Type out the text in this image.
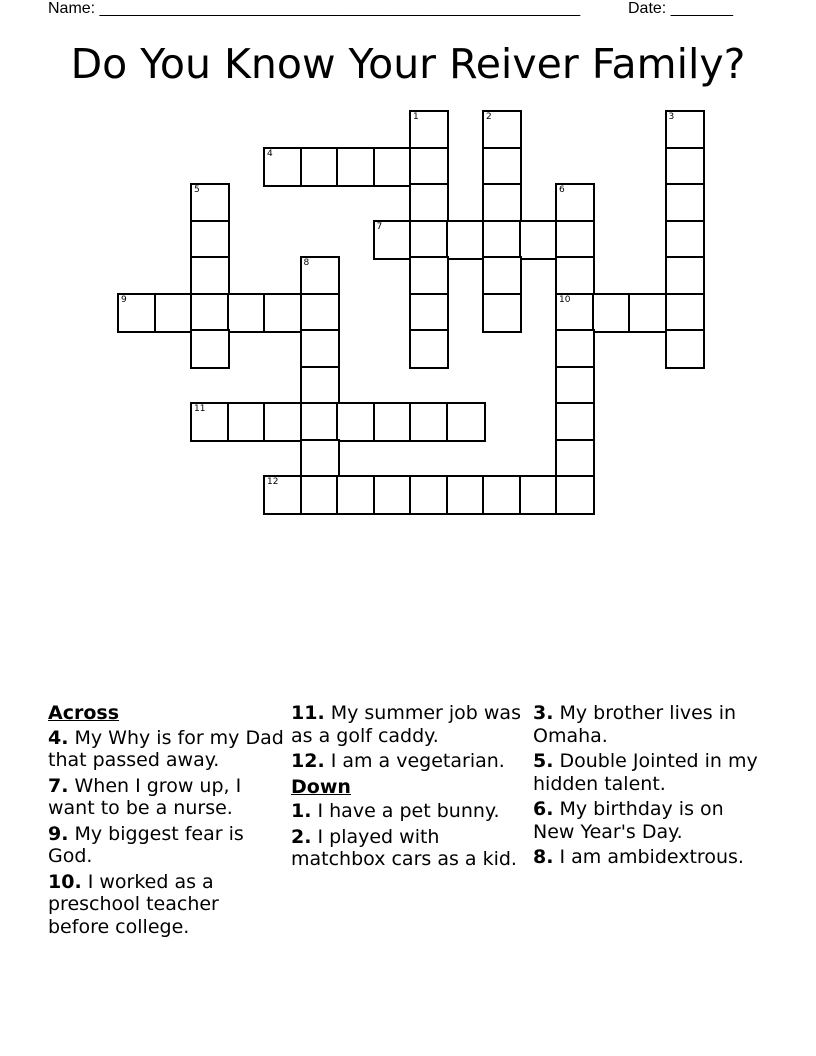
Name: ______________________________________________________	Date: _______
Do You Know Your Reiver Family?
1	2	3
4
5	6
7
8
9	10
11
12
Across
4. My Why is for my Dad that passed away.
7. When I grow up, I want to be a nurse.
9. My biggest fear is God.
10. I worked as a preschool teacher before college.
11. My summer job was as a golf caddy.
12. I am a vegetarian.
Down
1. I have a pet bunny.
2. I played with matchbox cars as a kid.
3. My brother lives in Omaha.
5. Double Jointed in my hidden talent.
6. My birthday is on New Year's Day.
8. I am ambidextrous.
